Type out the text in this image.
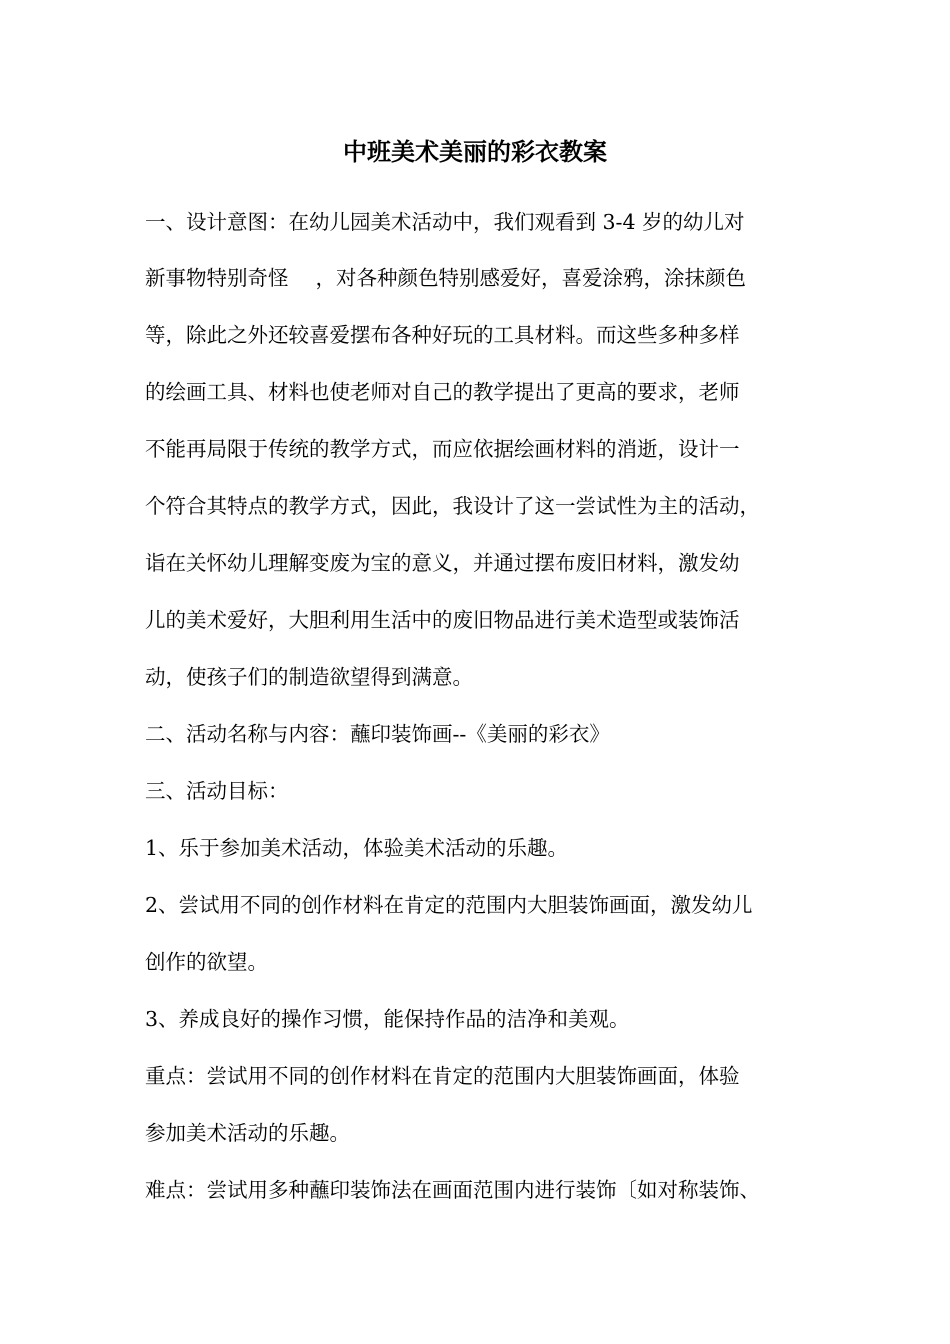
中班美术美丽的彩衣教案

一、设计意图：在幼儿园美术活动中，我们观看到 3-4 岁的幼儿对

新事物特别奇怪　 ，对各种颜色特别感爱好，喜爱涂鸦，涂抹颜色

等，除此之外还较喜爱摆布各种好玩的工具材料。而这些多种多样

的绘画工具、材料也使老师对自己的教学提出了更高的要求，老师

不能再局限于传统的教学方式，而应依据绘画材料的消逝，设计一

个符合其特点的教学方式，因此，我设计了这一尝试性为主的活动，

诣在关怀幼儿理解变废为宝的意义，并通过摆布废旧材料，激发幼

儿的美术爱好，大胆利用生活中的废旧物品进行美术造型或装饰活

动，使孩子们的制造欲望得到满意。

二、活动名称与内容：蘸印装饰画--《美丽的彩衣》

三、活动目标：

1、乐于参加美术活动，体验美术活动的乐趣。

2、尝试用不同的创作材料在肯定的范围内大胆装饰画面，激发幼儿

创作的欲望。

3、养成良好的操作习惯，能保持作品的洁净和美观。

重点：尝试用不同的创作材料在肯定的范围内大胆装饰画面，体验

参加美术活动的乐趣。

难点：尝试用多种蘸印装饰法在画面范围内进行装饰〔如对称装饰、
